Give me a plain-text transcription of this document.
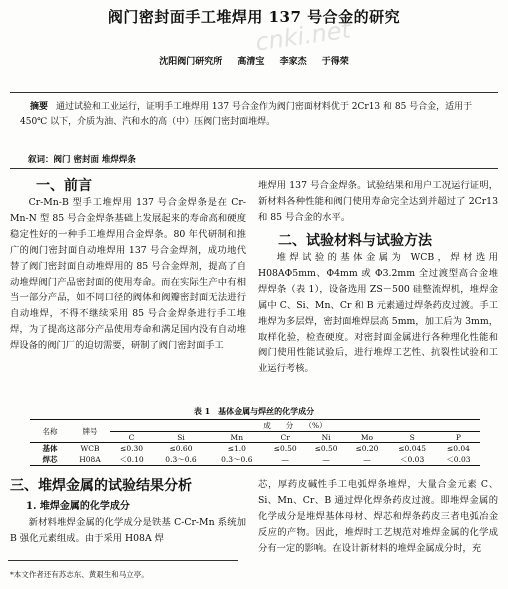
cnki.net
阀门密封面手工堆焊用 137 号合金的研究
沈阳阀门研究所 高清宝 李家杰 于得荣
摘要 通过试验和工业运行，证明手工堆焊用 137 号合金作为阀门密面材料优于 2Cr13 和 85 号合金，适用于 450℃ 以下，介质为油、汽和水的高（中）压阀门密封面堆焊。
叙词：阀门 密封面 堆焊焊条
一、前言

Cr-Mn-B 型手工堆焊用 137 号合金焊条是在 Cr-Mn-N 型 85 号合金焊条基础上发展起来的寿命高和硬度稳定性好的一种手工堆焊用合金焊条。80 年代研制和推广的阀门密封面自动堆焊用 137 号合金焊剂，成功地代替了阀门密封面自动堆焊用的 85 号合金焊剂，提高了自动堆焊阀门产品密封面的使用寿命。而在实际生产中有相当一部分产品，如不同口径的阀体和阀瓣密封面无法进行自动堆焊，不得不继续采用 85 号合金焊条进行手工堆焊，为了提高这部分产品使用寿命和满足国内没有自动堆焊设备的阀门厂的迫切需要，研制了阀门密封面手工

堆焊用 137 号合金焊条。试验结果和用户工况运行证明，新材料各种性能和阀门使用寿命完全达到并超过了 2Cr13 和 85 号合金的水平。

二、试验材料与试验方法

堆焊试验的基体金属为 WCB，焊材选用 H08AΦ5mm、Φ4mm 或 Φ3.2mm 全过渡型高合金堆焊焊条（表 1），设备选用 ZS－500 硅整流焊机，堆焊金属中 C、Si、Mn、Cr 和 B 元素通过焊条药皮过渡。手工堆焊为多层焊，密封面堆焊层高 5mm，加工后为 3mm，取样化验，检查硬度。对密封面金属进行各种理化性能和阀门使用性能试验后，进行堆焊工艺性、抗裂性试验和工业运行考核。

表 1　基体金属与焊丝的化学成分
名称	牌号	成　　分　　（%）							
		C	Si	Mn	Cr	Ni	Mo	S	P
基体	WCB	≤0.30	≤0.60	≤1.0	≤0.50	≤0.50	≤0.20	≤0.045	≤0.04
焊芯	H08A	＜0.10	0.3～0.6	0.3～0.6	—	—	—	＜0.03	＜0.03
三、堆焊金属的试验结果分析
1. 堆焊金属的化学成分

新材料堆焊金属的化学成分是铁基 C-Cr-Mn 系统加 B 强化元素组成。由于采用 H08A 焊

芯，厚药皮碱性手工电弧焊条堆焊，大量合金元素 C、Si、Mn、Cr、B 通过焊化焊条药皮过渡。即堆焊金属的化学成分是堆焊基体母材、焊芯和焊条药皮三者电弧冶金反应的产物。因此，堆焊时工艺规范对堆焊金属的化学成分有一定的影响。在设计新材料的堆焊金属成分时，充

*本文作者还有苏志东、黄艰生和马立亭。
